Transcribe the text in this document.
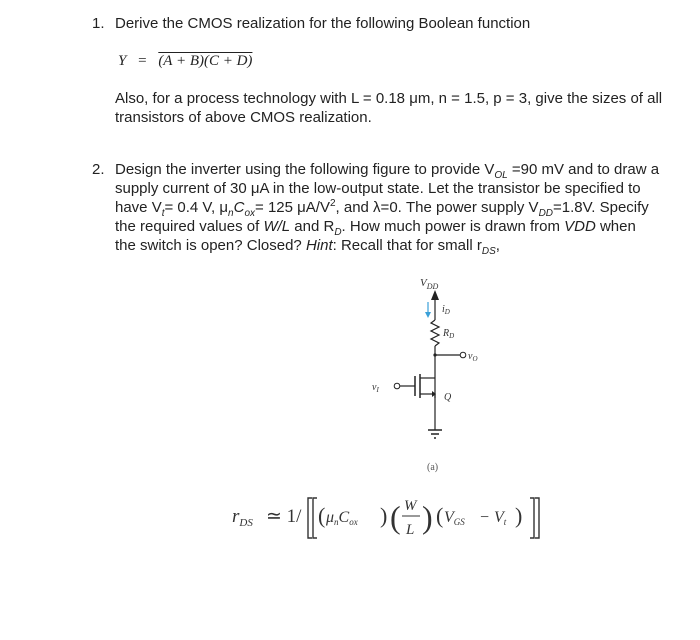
1. Derive the CMOS realization for the following Boolean function
Y = (A + B)(C + D)
Also, for a process technology with L = 0.18 μm, n = 1.5, p = 3, give the sizes of all transistors of above CMOS realization.
2. Design the inverter using the following figure to provide $V_{OL} =90$ mV and to draw a
supply current of 30 μA in the low-output state. Let the transistor be specified to
have $V_t= 0.4$ V, $\mu_nC_{ox}= 125$ $\mu A/V^2$, and λ=0. The power supply $V_{DD}=1.8V$. Specify
the required values of W/L and $R_D$. How much power is drawn from VDD when
the switch is open? Closed? Hint: Recall that for small $r_{DS}$,
$V_{DD}$
$i_D$
$R_D$
$v_O$
$v_I$
Q
(a)
$r_{DS}$ ≃ 1/ ( μnCox ) ( W
L ) ( VGS − Vt )
